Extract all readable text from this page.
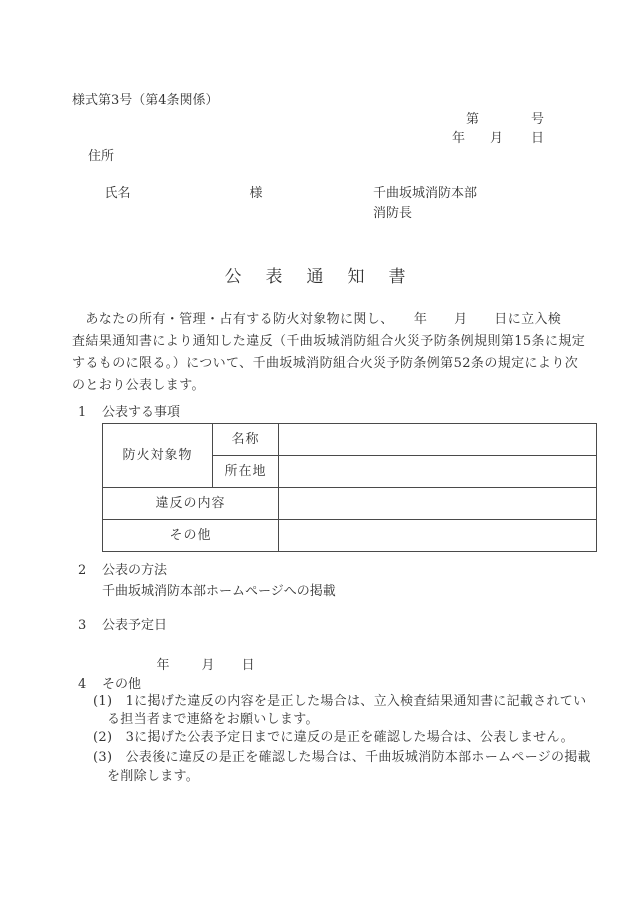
様式第3号（第4条関係）
第	号
年 月 日
住所

氏名	様
	千曲坂城消防本部
消防長
公表通知書
　あなたの所有・管理・占有する防火対象物に関し、　　年　　月　　日に立入検
査結果通知書により通知した違反（千曲坂城消防組合火災予防条例規則第15条に規定
するものに限る。）について、千曲坂城消防組合火災予防条例第52条の規定により次
のとおり公表します。
1 公表する事項
防火対象物	名称	
	所在地	
違反の内容		
その他		
2 公表の方法
千曲坂城消防本部ホームページへの掲載
3 公表予定日

年 月 日

4 その他
(1)　1に掲げた違反の内容を是正した場合は、立入検査結果通知書に記載されてい
る担当者まで連絡をお願いします。
(2)　3に掲げた公表予定日までに違反の是正を確認した場合は、公表しません。
(3)　公表後に違反の是正を確認した場合は、千曲坂城消防本部ホームページの掲載
を削除します。
